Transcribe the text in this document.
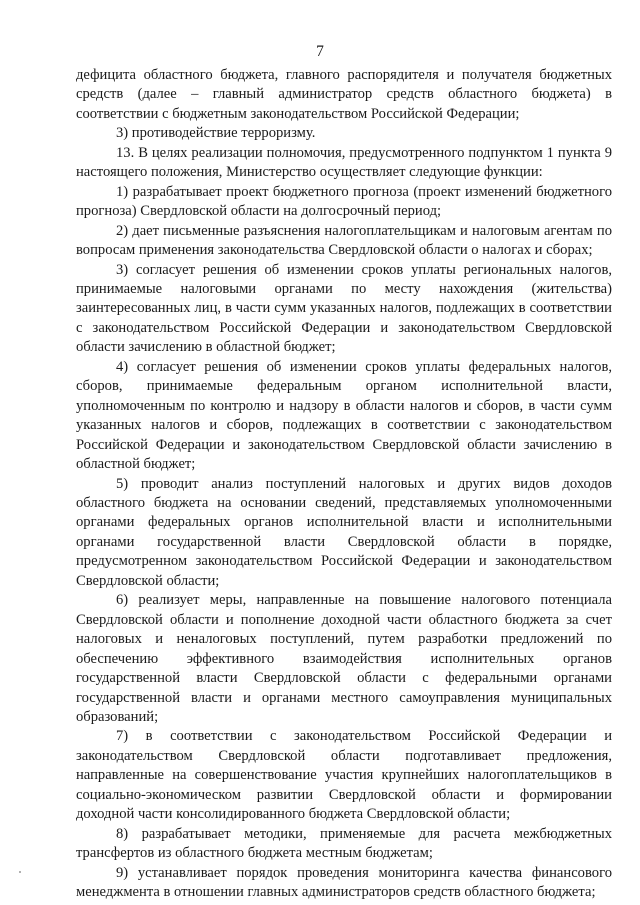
7

дефицита областного бюджета, главного распорядителя и получателя бюджетных средств (далее – главный администратор средств областного бюджета) в соответствии с бюджетным законодательством Российской Федерации;

3) противодействие терроризму.

13. В целях реализации полномочия, предусмотренного подпунктом 1 пункта 9 настоящего положения, Министерство осуществляет следующие функции:

1) разрабатывает проект бюджетного прогноза (проект изменений бюджетного прогноза) Свердловской области на долгосрочный период;

2) дает письменные разъяснения налогоплательщикам и налоговым агентам по вопросам применения законодательства Свердловской области о налогах и сборах;

3) согласует решения об изменении сроков уплаты региональных налогов, принимаемые налоговыми органами по месту нахождения (жительства) заинтересованных лиц, в части сумм указанных налогов, подлежащих в соответствии с законодательством Российской Федерации и законодательством Свердловской области зачислению в областной бюджет;

4) согласует решения об изменении сроков уплаты федеральных налогов, сборов, принимаемые федеральным органом исполнительной власти, уполномоченным по контролю и надзору в области налогов и сборов, в части сумм указанных налогов и сборов, подлежащих в соответствии с законодательством Российской Федерации и законодательством Свердловской области зачислению в областной бюджет;

5) проводит анализ поступлений налоговых и других видов доходов областного бюджета на основании сведений, представляемых уполномоченными органами федеральных органов исполнительной власти и исполнительными органами государственной власти Свердловской области в порядке, предусмотренном законодательством Российской Федерации и законодательством Свердловской области;

6) реализует меры, направленные на повышение налогового потенциала Свердловской области и пополнение доходной части областного бюджета за счет налоговых и неналоговых поступлений, путем разработки предложений по обеспечению эффективного взаимодействия исполнительных органов государственной власти Свердловской области с федеральными органами государственной власти и органами местного самоуправления муниципальных образований;

7) в соответствии с законодательством Российской Федерации и законодательством Свердловской области подготавливает предложения, направленные на совершенствование участия крупнейших налогоплательщиков в социально-экономическом развитии Свердловской области и формировании доходной части консолидированного бюджета Свердловской области;

8) разрабатывает методики, применяемые для расчета межбюджетных трансфертов из областного бюджета местным бюджетам;

9) устанавливает порядок проведения мониторинга качества финансового менеджмента в отношении главных администраторов средств областного бюджета;
